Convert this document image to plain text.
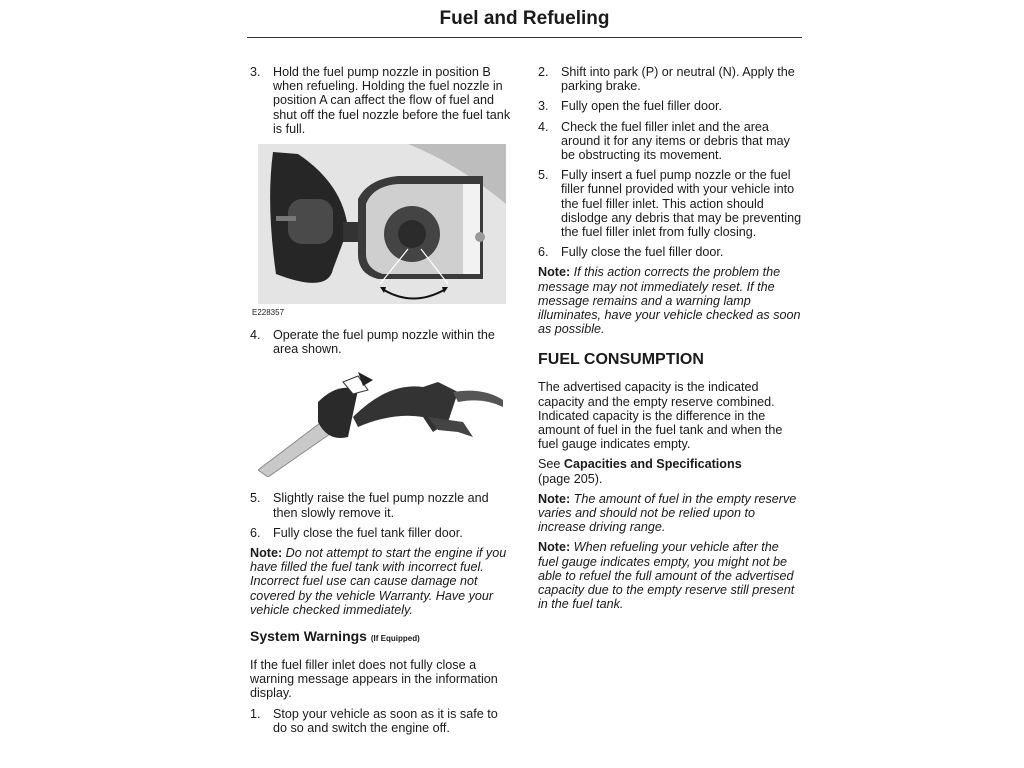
Fuel and Refueling
3. Hold the fuel pump nozzle in position B when refueling. Holding the fuel nozzle in position A can affect the flow of fuel and shut off the fuel nozzle before the fuel tank is full.
E228357
4. Operate the fuel pump nozzle within the area shown.
5. Slightly raise the fuel pump nozzle and then slowly remove it.
6. Fully close the fuel tank filler door.
Note: Do not attempt to start the engine if you have filled the fuel tank with incorrect fuel. Incorrect fuel use can cause damage not covered by the vehicle Warranty. Have your vehicle checked immediately.
System Warnings (If Equipped)
If the fuel filler inlet does not fully close a warning message appears in the information display.
1. Stop your vehicle as soon as it is safe to do so and switch the engine off.
2. Shift into park (P) or neutral (N). Apply the parking brake.
3. Fully open the fuel filler door.
4. Check the fuel filler inlet and the area around it for any items or debris that may be obstructing its movement.
5. Fully insert a fuel pump nozzle or the fuel filler funnel provided with your vehicle into the fuel filler inlet. This action should dislodge any debris that may be preventing the fuel filler inlet from fully closing.
6. Fully close the fuel filler door.
Note: If this action corrects the problem the message may not immediately reset. If the message remains and a warning lamp illuminates, have your vehicle checked as soon as possible.
FUEL CONSUMPTION
The advertised capacity is the indicated capacity and the empty reserve combined. Indicated capacity is the difference in the amount of fuel in the fuel tank and when the fuel gauge indicates empty.
See Capacities and Specifications
(page 205).
Note: The amount of fuel in the empty reserve varies and should not be relied upon to increase driving range.
Note: When refueling your vehicle after the fuel gauge indicates empty, you might not be able to refuel the full amount of the advertised capacity due to the empty reserve still present in the fuel tank.
